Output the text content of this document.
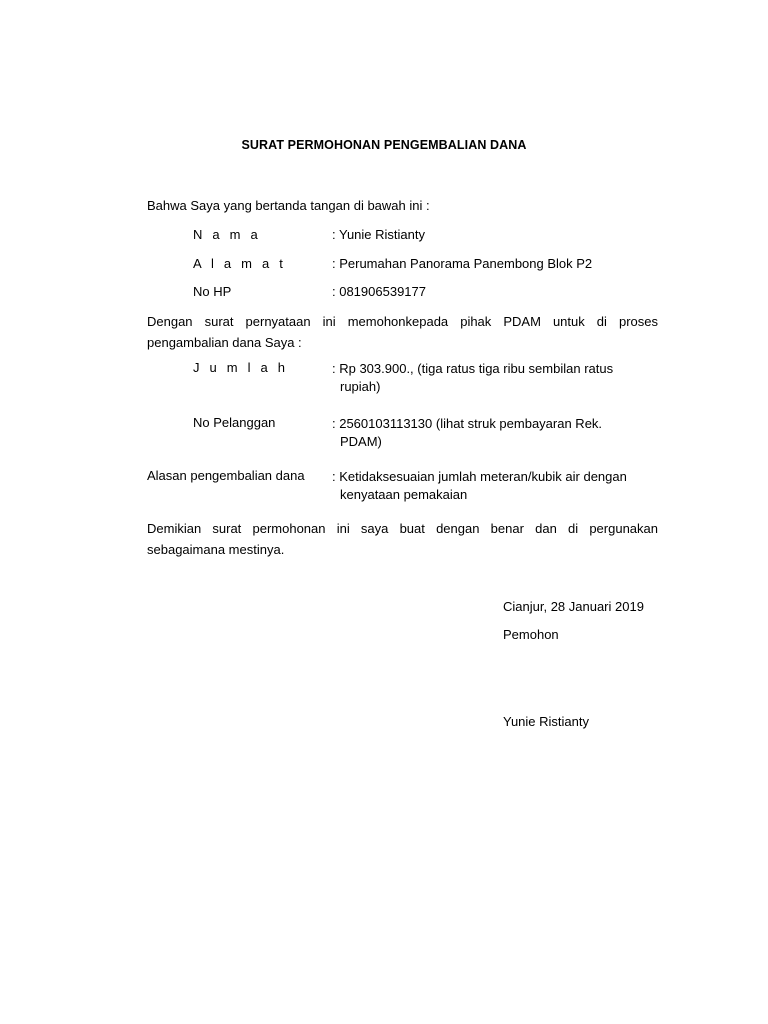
SURAT PERMOHONAN PENGEMBALIAN DANA
Bahwa Saya yang bertanda tangan di bawah ini :
N a m a	: Yunie Ristianty
A l a m a t	: Perumahan Panorama Panembong Blok P2
No HP	: 081906539177
Dengan surat pernyataan ini memohonkepada pihak PDAM untuk di proses pengambalian dana Saya :
J u m l a h	: Rp 303.900., (tiga ratus tiga ribu sembilan ratus
rupiah)
No Pelanggan	: 2560103113130 (lihat struk pembayaran Rek.
PDAM)
Alasan pengembalian dana : Ketidaksesuaian jumlah meteran/kubik air dengan
kenyataan pemakaian
Demikian surat permohonan ini saya buat dengan benar dan di pergunakan sebagaimana mestinya.
Cianjur, 28 Januari 2019
Pemohon
Yunie Ristianty
